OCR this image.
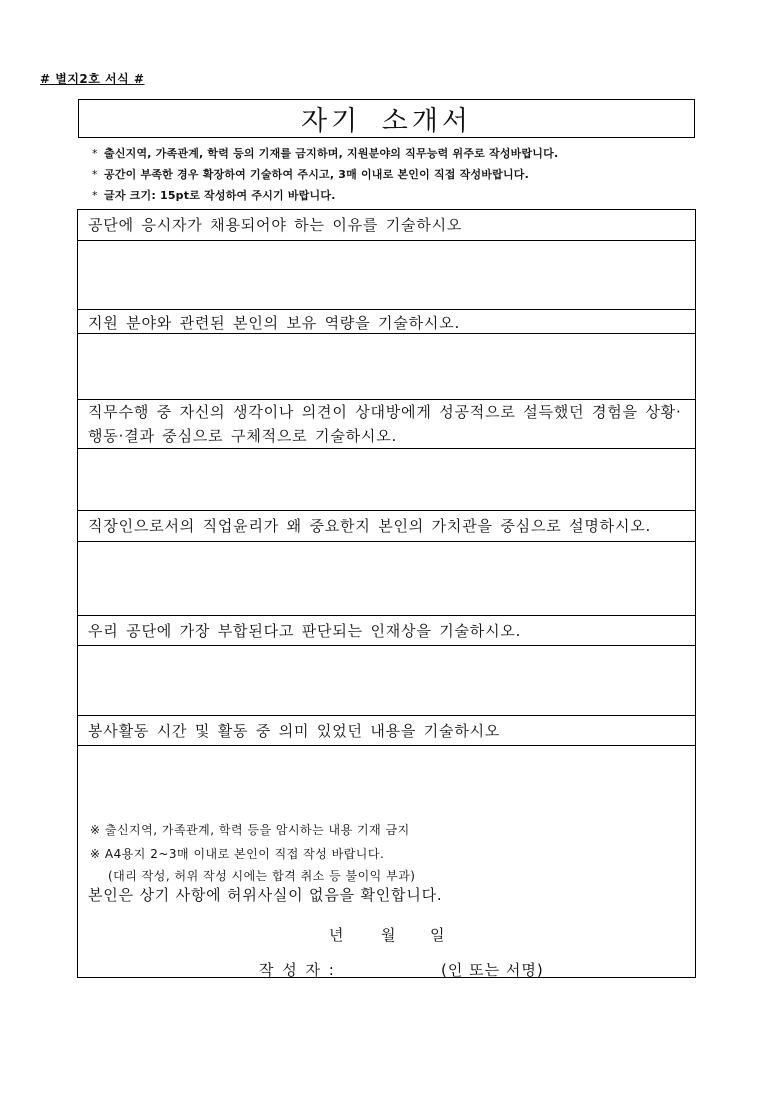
# 별지2호 서식 #
자기 소개서
* 출신지역, 가족관계, 학력 등의 기재를 금지하며, 지원분야의 직무능력 위주로 작성바랍니다.
* 공간이 부족한 경우 확장하여 기술하여 주시고, 3매 이내로 본인이 직접 작성바랍니다.
* 글자 크기: 15pt로 작성하여 주시기 바랍니다.
공단에 응시자가 채용되어야 하는 이유를 기술하시오
지원 분야와 관련된 본인의 보유 역량을 기술하시오.
직무수행 중 자신의 생각이나 의견이 상대방에게 성공적으로 설득했던 경험을 상황·행동·결과 중심으로 구체적으로 기술하시오.
직장인으로서의 직업윤리가 왜 중요한지 본인의 가치관을 중심으로 설명하시오.
우리 공단에 가장 부합된다고 판단되는 인재상을 기술하시오.
봉사활동 시간 및 활동 중 의미 있었던 내용을 기술하시오
※ 출신지역, 가족관계, 학력 등을 암시하는 내용 기재 금지
※ A4용지 2~3매 이내로 본인이 직접 작성 바랍니다.
(대리 작성, 허위 작성 시에는 합격 취소 등 불이익 부과)
본인은 상기 사항에 허위사실이 없음을 확인합니다.
년
	월 일
작 성 자 :	(인 또는 서명)
